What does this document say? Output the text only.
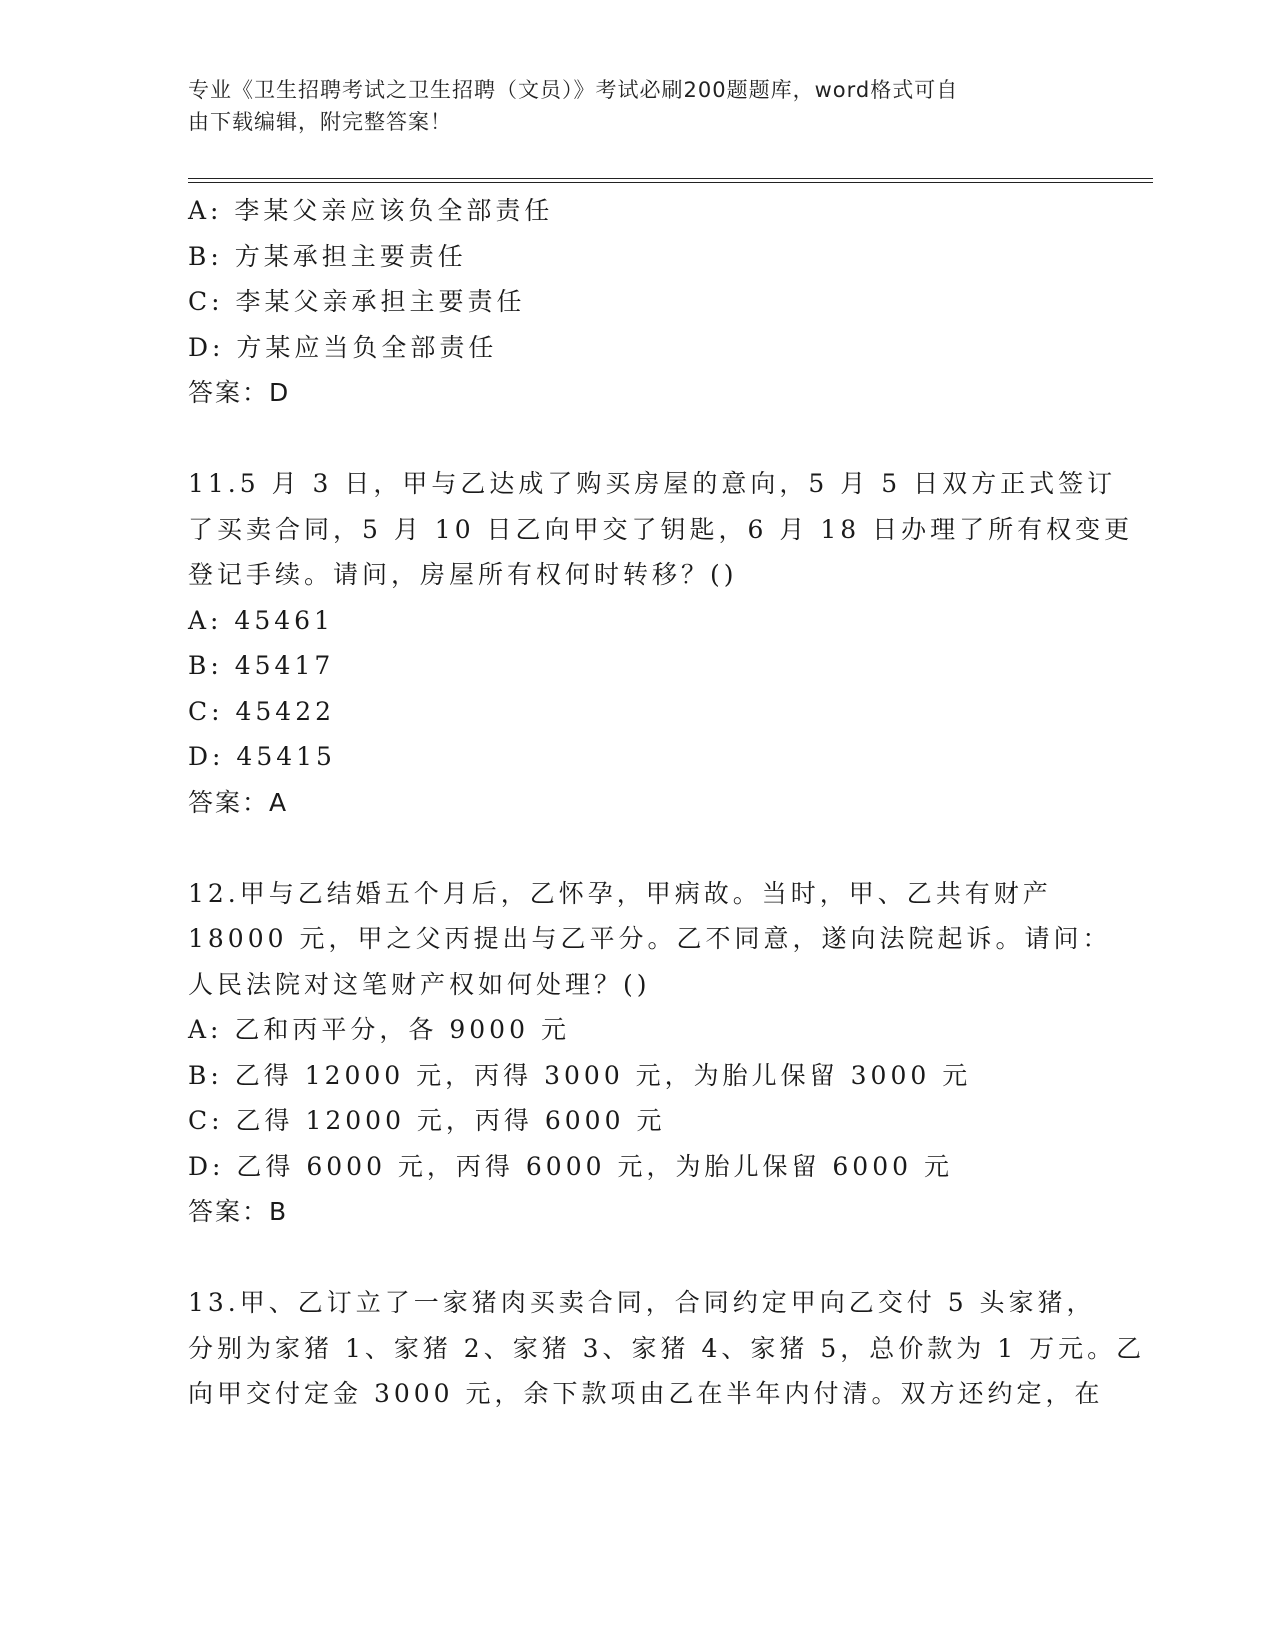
专业《卫生招聘考试之卫生招聘（文员）》考试必刷200题题库，word格式可自
由下载编辑，附完整答案！
A: 李某父亲应该负全部责任
B: 方某承担主要责任
C: 李某父亲承担主要责任
D: 方某应当负全部责任
答案：D
11.5 月 3 日，甲与乙达成了购买房屋的意向，5 月 5 日双方正式签订
了买卖合同，5 月 10 日乙向甲交了钥匙，6 月 18 日办理了所有权变更
登记手续。请问，房屋所有权何时转移？()
A: 45461
B: 45417
C: 45422
D: 45415
答案：A
12.甲与乙结婚五个月后，乙怀孕，甲病故。当时，甲、乙共有财产
18000 元，甲之父丙提出与乙平分。乙不同意，遂向法院起诉。请问：
人民法院对这笔财产权如何处理？()
A: 乙和丙平分，各 9000 元
B: 乙得 12000 元，丙得 3000 元，为胎儿保留 3000 元
C: 乙得 12000 元，丙得 6000 元
D: 乙得 6000 元，丙得 6000 元，为胎儿保留 6000 元
答案：B
13.甲、乙订立了一家猪肉买卖合同，合同约定甲向乙交付 5 头家猪，
分别为家猪 1、家猪 2、家猪 3、家猪 4、家猪 5，总价款为 1 万元。乙
向甲交付定金 3000 元，余下款项由乙在半年内付清。双方还约定，在
